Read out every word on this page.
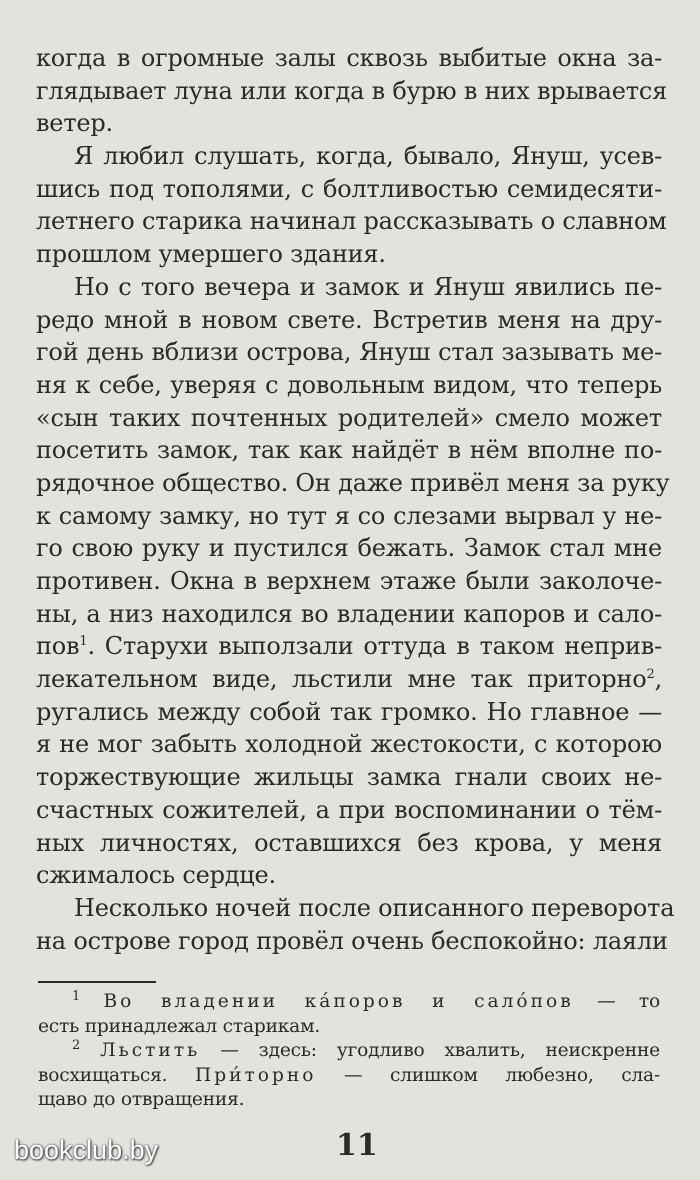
когда в огромные залы сквозь выбитые окна за-
глядывает луна или когда в бурю в них врывается
ветер.
Я любил слушать, когда, бывало, Януш, усев-
шись под тополями, с болтливостью семидесяти-
летнего старика начинал рассказывать о славном
прошлом умершего здания.
Но с того вечера и замок и Януш явились пе-
редо мной в новом свете. Встретив меня на дру-
гой день вблизи острова, Януш стал зазывать ме-
ня к себе, уверяя с довольным видом, что теперь
«сын таких почтенных родителей» смело может
посетить замок, так как найдёт в нём вполне по-
рядочное общество. Он даже привёл меня за руку
к самому замку, но тут я со слезами вырвал у не-
го свою руку и пустился бежать. Замок стал мне
противен. Окна в верхнем этаже были заколоче-
ны, а низ находился во владении капоров и сало-
пов$^1$. Старухи выползали оттуда в таком неприв-
лекательном виде, льстили мне так приторно$^2$,
ругались между собой так громко. Но главное —
я не мог забыть холодной жестокости, с которою
торжествующие жильцы замка гнали своих не-
счастных сожителей, а при воспоминании о тём-
ных личностях, оставшихся без крова, у меня
сжималось сердце.
Несколько ночей после описанного переворота
на острове город провёл очень беспокойно: лаяли
$^1$ Во владении ка́поров и сало́пов — то
есть принадлежал старикам.
$^2$ Льстить — здесь: угодливо хвалить, неискренне
восхищаться. При́торно — слишком любезно, сла-
щаво до отвращения.
11
bookclub.by
